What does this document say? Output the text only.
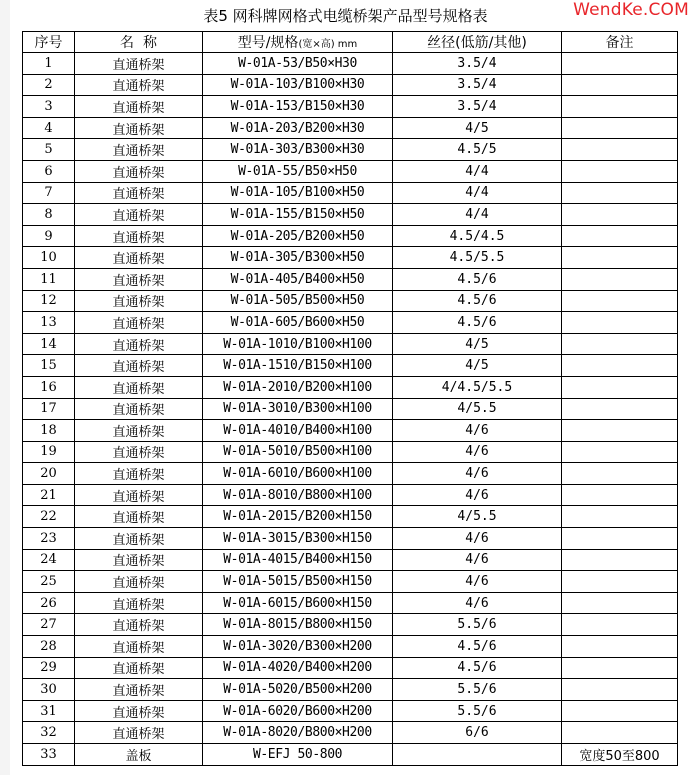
WendKe.COM
表5 网科牌网格式电缆桥架产品型号规格表
序号	名  称	型号/规格(宽×高) mm	丝径(低筋/其他)	备注
1	直通桥架	W-01A-53/B50×H30	3.5/4	
2	直通桥架	W-01A-103/B100×H30	3.5/4	
3	直通桥架	W-01A-153/B150×H30	3.5/4	
4	直通桥架	W-01A-203/B200×H30	4/5	
5	直通桥架	W-01A-303/B300×H30	4.5/5	
6	直通桥架	W-01A-55/B50×H50	4/4	
7	直通桥架	W-01A-105/B100×H50	4/4	
8	直通桥架	W-01A-155/B150×H50	4/4	
9	直通桥架	W-01A-205/B200×H50	4.5/4.5	
10	直通桥架	W-01A-305/B300×H50	4.5/5.5	
11	直通桥架	W-01A-405/B400×H50	4.5/6	
12	直通桥架	W-01A-505/B500×H50	4.5/6	
13	直通桥架	W-01A-605/B600×H50	4.5/6	
14	直通桥架	W-01A-1010/B100×H100	4/5	
15	直通桥架	W-01A-1510/B150×H100	4/5	
16	直通桥架	W-01A-2010/B200×H100	4/4.5/5.5	
17	直通桥架	W-01A-3010/B300×H100	4/5.5	
18	直通桥架	W-01A-4010/B400×H100	4/6	
19	直通桥架	W-01A-5010/B500×H100	4/6	
20	直通桥架	W-01A-6010/B600×H100	4/6	
21	直通桥架	W-01A-8010/B800×H100	4/6	
22	直通桥架	W-01A-2015/B200×H150	4/5.5	
23	直通桥架	W-01A-3015/B300×H150	4/6	
24	直通桥架	W-01A-4015/B400×H150	4/6	
25	直通桥架	W-01A-5015/B500×H150	4/6	
26	直通桥架	W-01A-6015/B600×H150	4/6	
27	直通桥架	W-01A-8015/B800×H150	5.5/6	
28	直通桥架	W-01A-3020/B300×H200	4.5/6	
29	直通桥架	W-01A-4020/B400×H200	4.5/6	
30	直通桥架	W-01A-5020/B500×H200	5.5/6	
31	直通桥架	W-01A-6020/B600×H200	5.5/6	
32	直通桥架	W-01A-8020/B800×H200	6/6	
33	盖板	W-EFJ 50-800		宽度50至800
